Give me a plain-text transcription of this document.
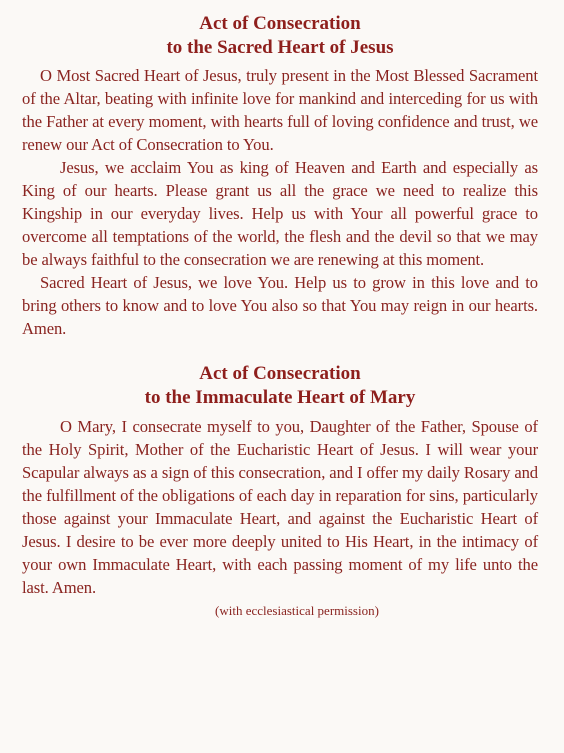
Act of Consecration

to the Sacred Heart of Jesus

O Most Sacred Heart of Jesus, truly present in the Most Blessed Sacrament of the Altar, beating with infinite love for mankind and interceding for us with the Father at every moment, with hearts full of loving confidence and trust, we renew our Act of Consecration to You.

Jesus, we acclaim You as king of Heaven and Earth and especially as King of our hearts. Please grant us all the grace we need to realize this Kingship in our everyday lives. Help us with Your all powerful grace to overcome all temptations of the world, the flesh and the devil so that we may be always faithful to the consecration we are renewing at this moment.

Sacred Heart of Jesus, we love You. Help us to grow in this love and to bring others to know and to love You also so that You may reign in our hearts. Amen.

Act of Consecration

to the Immaculate Heart of Mary

O Mary, I consecrate myself to you, Daughter of the Father, Spouse of the Holy Spirit, Mother of the Eucharistic Heart of Jesus. I will wear your Scapular always as a sign of this consecration, and I offer my daily Rosary and the fulfillment of the obligations of each day in reparation for sins, particularly those against your Immaculate Heart, and against the Eucharistic Heart of Jesus. I desire to be ever more deeply united to His Heart, in the intimacy of your own Immaculate Heart, with each passing moment of my life unto the last. Amen.

(with ecclesiastical permission)
